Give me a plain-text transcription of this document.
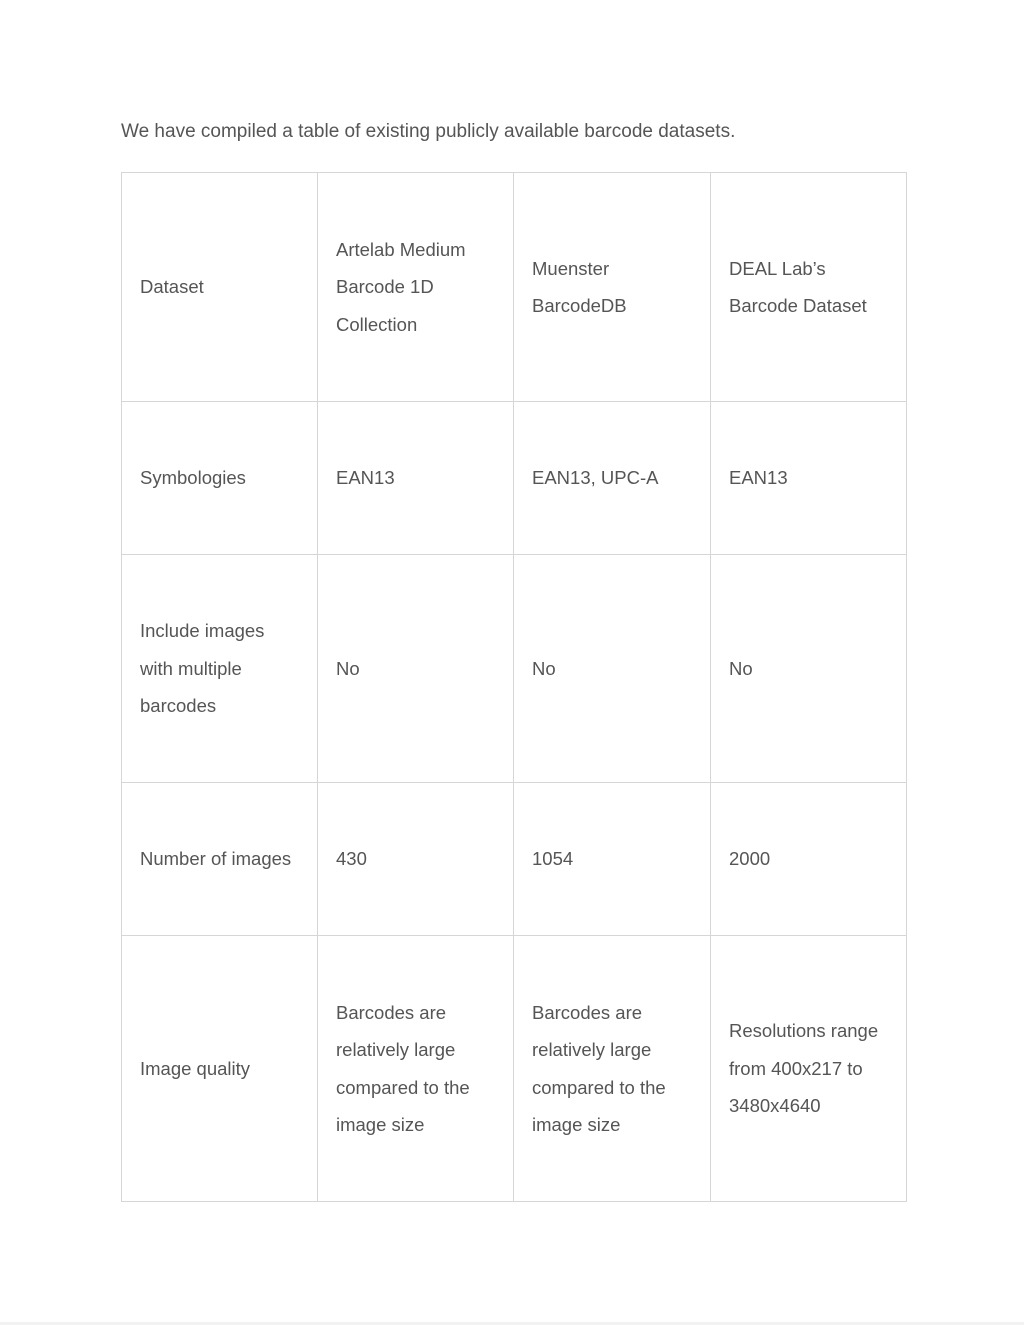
We have compiled a table of existing publicly available barcode datasets.

Dataset	Artelab Medium Barcode 1D Collection	Muenster BarcodeDB	DEAL Lab’s Barcode Dataset
Symbologies	EAN13	EAN13, UPC-A	EAN13
Include images with multiple barcodes	No	No	No
Number of images	430	1054	2000
Image quality	Barcodes are relatively large compared to the image size	Barcodes are relatively large compared to the image size	Resolutions range from 400x217 to 3480x4640
